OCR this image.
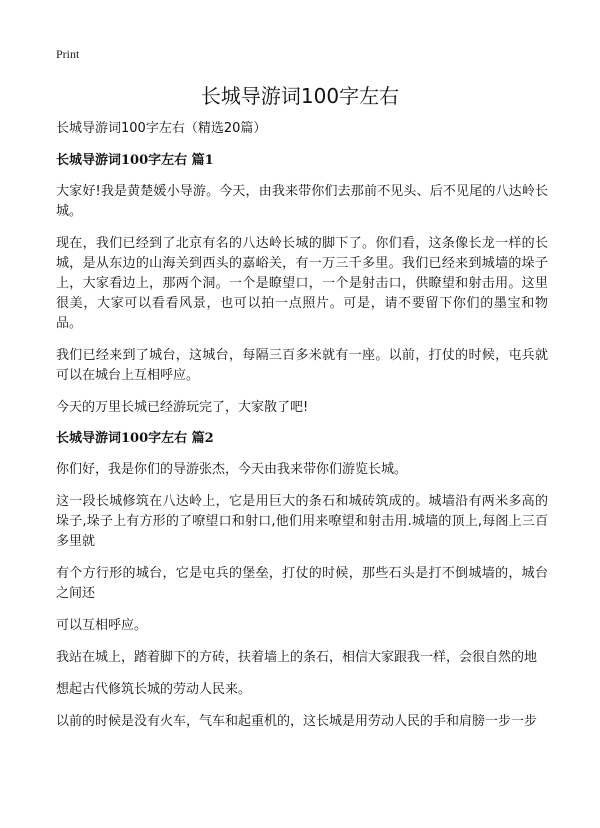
Print
长城导游词100字左右

长城导游词100字左右（精选20篇）

长城导游词100字左右 篇1

大家好!我是黄楚媛小导游。今天，由我来带你们去那前不见头、后不见尾的八达岭长城。

现在，我们已经到了北京有名的八达岭长城的脚下了。你们看，这条像长龙一样的长城，是从东边的山海关到西头的嘉峪关，有一万三千多里。我们已经来到城墙的垛子上，大家看边上，那两个洞。一个是瞭望口，一个是射击口，供瞭望和射击用。这里很美，大家可以看看风景，也可以拍一点照片。可是，请不要留下你们的墨宝和物品。

我们已经来到了城台，这城台，每隔三百多米就有一座。以前，打仗的时候，屯兵就可以在城台上互相呼应。

今天的万里长城已经游玩完了，大家散了吧!

长城导游词100字左右 篇2

你们好，我是你们的导游张杰，今天由我来带你们游览长城。

这一段长城修筑在八达岭上，它是用巨大的条石和城砖筑成的。城墙沿有两米多高的垛子,垛子上有方形的了嘹望口和射口,他们用来嘹望和射击用.城墙的顶上,每阁上三百多里就

有个方行形的城台，它是屯兵的堡垒，打仗的时候，那些石头是打不倒城墙的，城台之间还

可以互相呼应。

我站在城上，踏着脚下的方砖，扶着墙上的条石，相信大家跟我一样，会很自然的地

想起古代修筑长城的劳动人民来。

以前的时候是没有火车，气车和起重机的，这长城是用劳动人民的手和肩膀一步一步
